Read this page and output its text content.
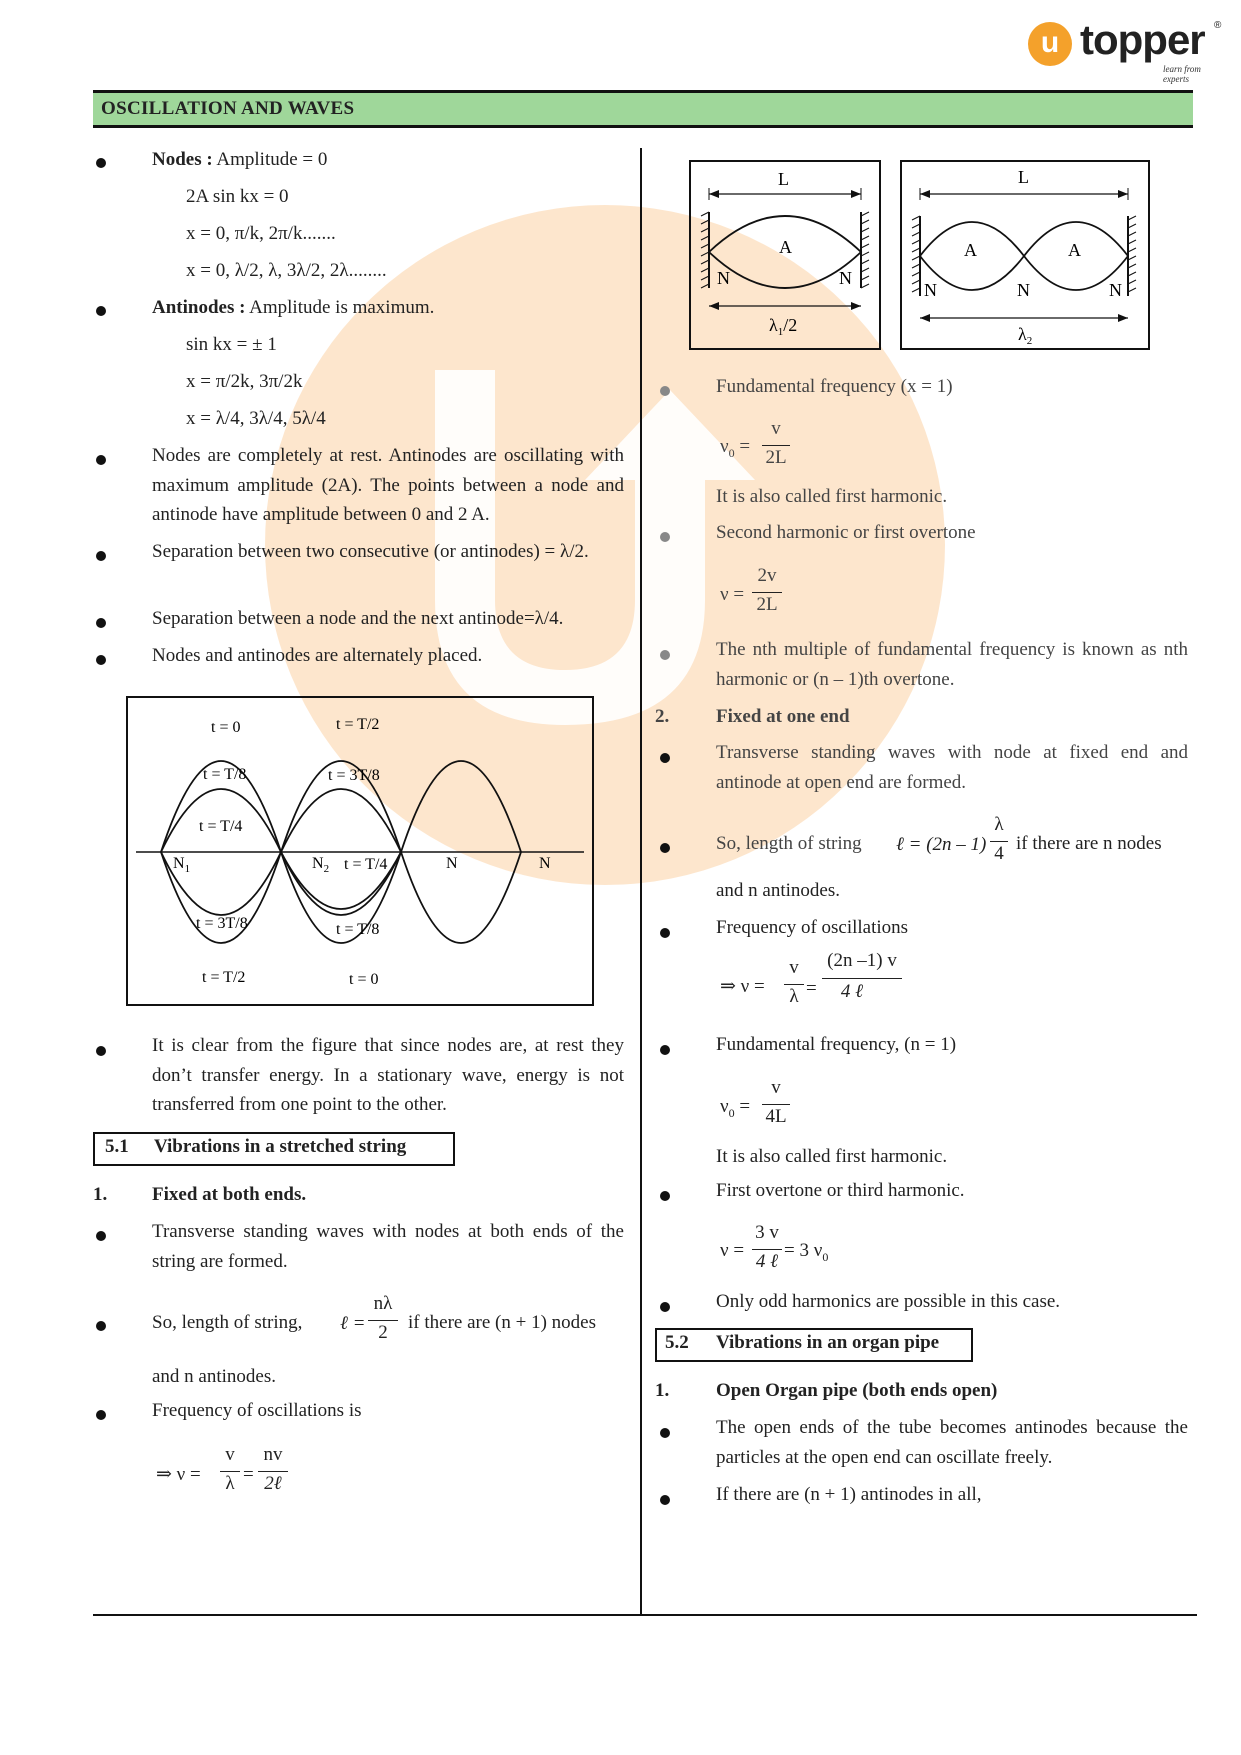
u topper
learn from experts
®
OSCILLATION AND WAVES
Nodes : Amplitude = 0
2A sin kx = 0
x = 0, π/k, 2π/k.......
x = 0, λ/2, λ, 3λ/2, 2λ........
Antinodes : Amplitude is maximum.
sin kx = ± 1
x = π/2k, 3π/2k
x = λ/4, 3λ/4, 5λ/4
Nodes are completely at rest. Antinodes are oscillating with maximum amplitude (2A). The points between a node and antinode have amplitude between 0 and 2 A.
Separation between two consecutive (or antinodes) = λ/2.
Separation between a node and the next antinode=λ/4.
Nodes and antinodes are alternately placed.
t = 0	t = T/2
t = T/8	t = 3T/8
t = T/4
$N_1$	$N_2$ t = T/4	N	N
t = 3T/8	t = T/8
t = T/2	t = 0
It is clear from the figure that since nodes are, at rest they don’t transfer energy. In a stationary wave, energy is not transferred from one point to the other.
5.1 Vibrations in a stretched string
1. Fixed at both ends.
Transverse standing waves with nodes at both ends of the string are formed.
So, length of string, ℓ =
nλ
2	if there are (n + 1) nodes
and n antinodes.
Frequency of oscillations is
⇒ ν =
v
λ =
nv
2ℓ
L
A
N	N
$\lambda_1/2$
L
A	A
N	N	N
$\lambda_2$
Fundamental frequency (x = 1)
$\nu_0$ =
v
2L
It is also called first harmonic.
Second harmonic or first overtone
ν =
2v
2L
The nth multiple of fundamental frequency is known as nth harmonic or (n – 1)th overtone.
2. Fixed at one end
Transverse standing waves with node at fixed end and antinode at open end are formed.
So, length of string ℓ = (2n – 1)
λ
4 if there are n nodes
and n antinodes.
Frequency of oscillations
⇒ ν =
v
λ =
(2n –1) v
4 ℓ
Fundamental frequency, (n = 1)
$\nu_0$ =
v
4L
It is also called first harmonic.
First overtone or third harmonic.
ν =
3 v
4 ℓ
= 3 $\nu_0$
Only odd harmonics are possible in this case.
5.2 Vibrations in an organ pipe
1. Open Organ pipe (both ends open)
The open ends of the tube becomes antinodes because the particles at the open end can oscillate freely.
If there are (n + 1) antinodes in all,
